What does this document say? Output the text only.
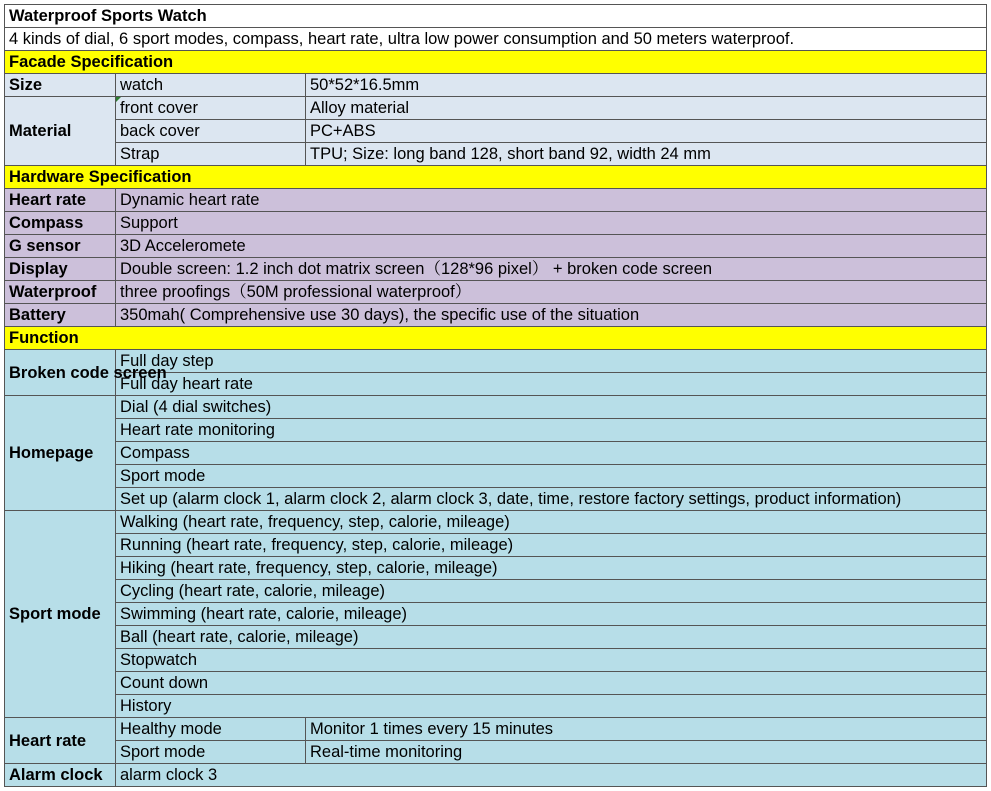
Waterproof Sports Watch		
4 kinds of dial, 6 sport modes, compass, heart rate, ultra low power consumption and 50 meters waterproof.		
Facade Specification		
Size	watch	50*52*16.5mm
Material	front cover	Alloy material
	back cover	PC+ABS
	Strap	TPU; Size: long band 128, short band 92, width 24 mm
Hardware Specification		
Heart rate	Dynamic heart rate	
Compass	Support	
G sensor	3D Acceleromete	
Display	Double screen: 1.2 inch dot matrix screen（128*96 pixel） + broken code screen	
Waterproof	three proofings（50M professional waterproof）	
Battery	350mah( Comprehensive use 30 days), the specific use of the situation	
Function		
Broken code screen	Full day step	
	Full day heart rate	
Homepage	Dial (4 dial switches)	
	Heart rate monitoring	
	Compass	
	Sport mode	
	Set up (alarm clock 1, alarm clock 2, alarm clock 3, date, time, restore factory settings, product information)	
Sport mode	Walking (heart rate, frequency, step, calorie, mileage)	
	Running (heart rate, frequency, step, calorie, mileage)	
	Hiking (heart rate, frequency, step, calorie, mileage)	
	Cycling (heart rate, calorie, mileage)	
	Swimming (heart rate, calorie, mileage)	
	Ball (heart rate, calorie, mileage)	
	Stopwatch	
	Count down	
	History	
Heart rate	Healthy mode	Monitor 1 times every 15 minutes
	Sport mode	Real-time monitoring
Alarm clock	alarm clock 3	
